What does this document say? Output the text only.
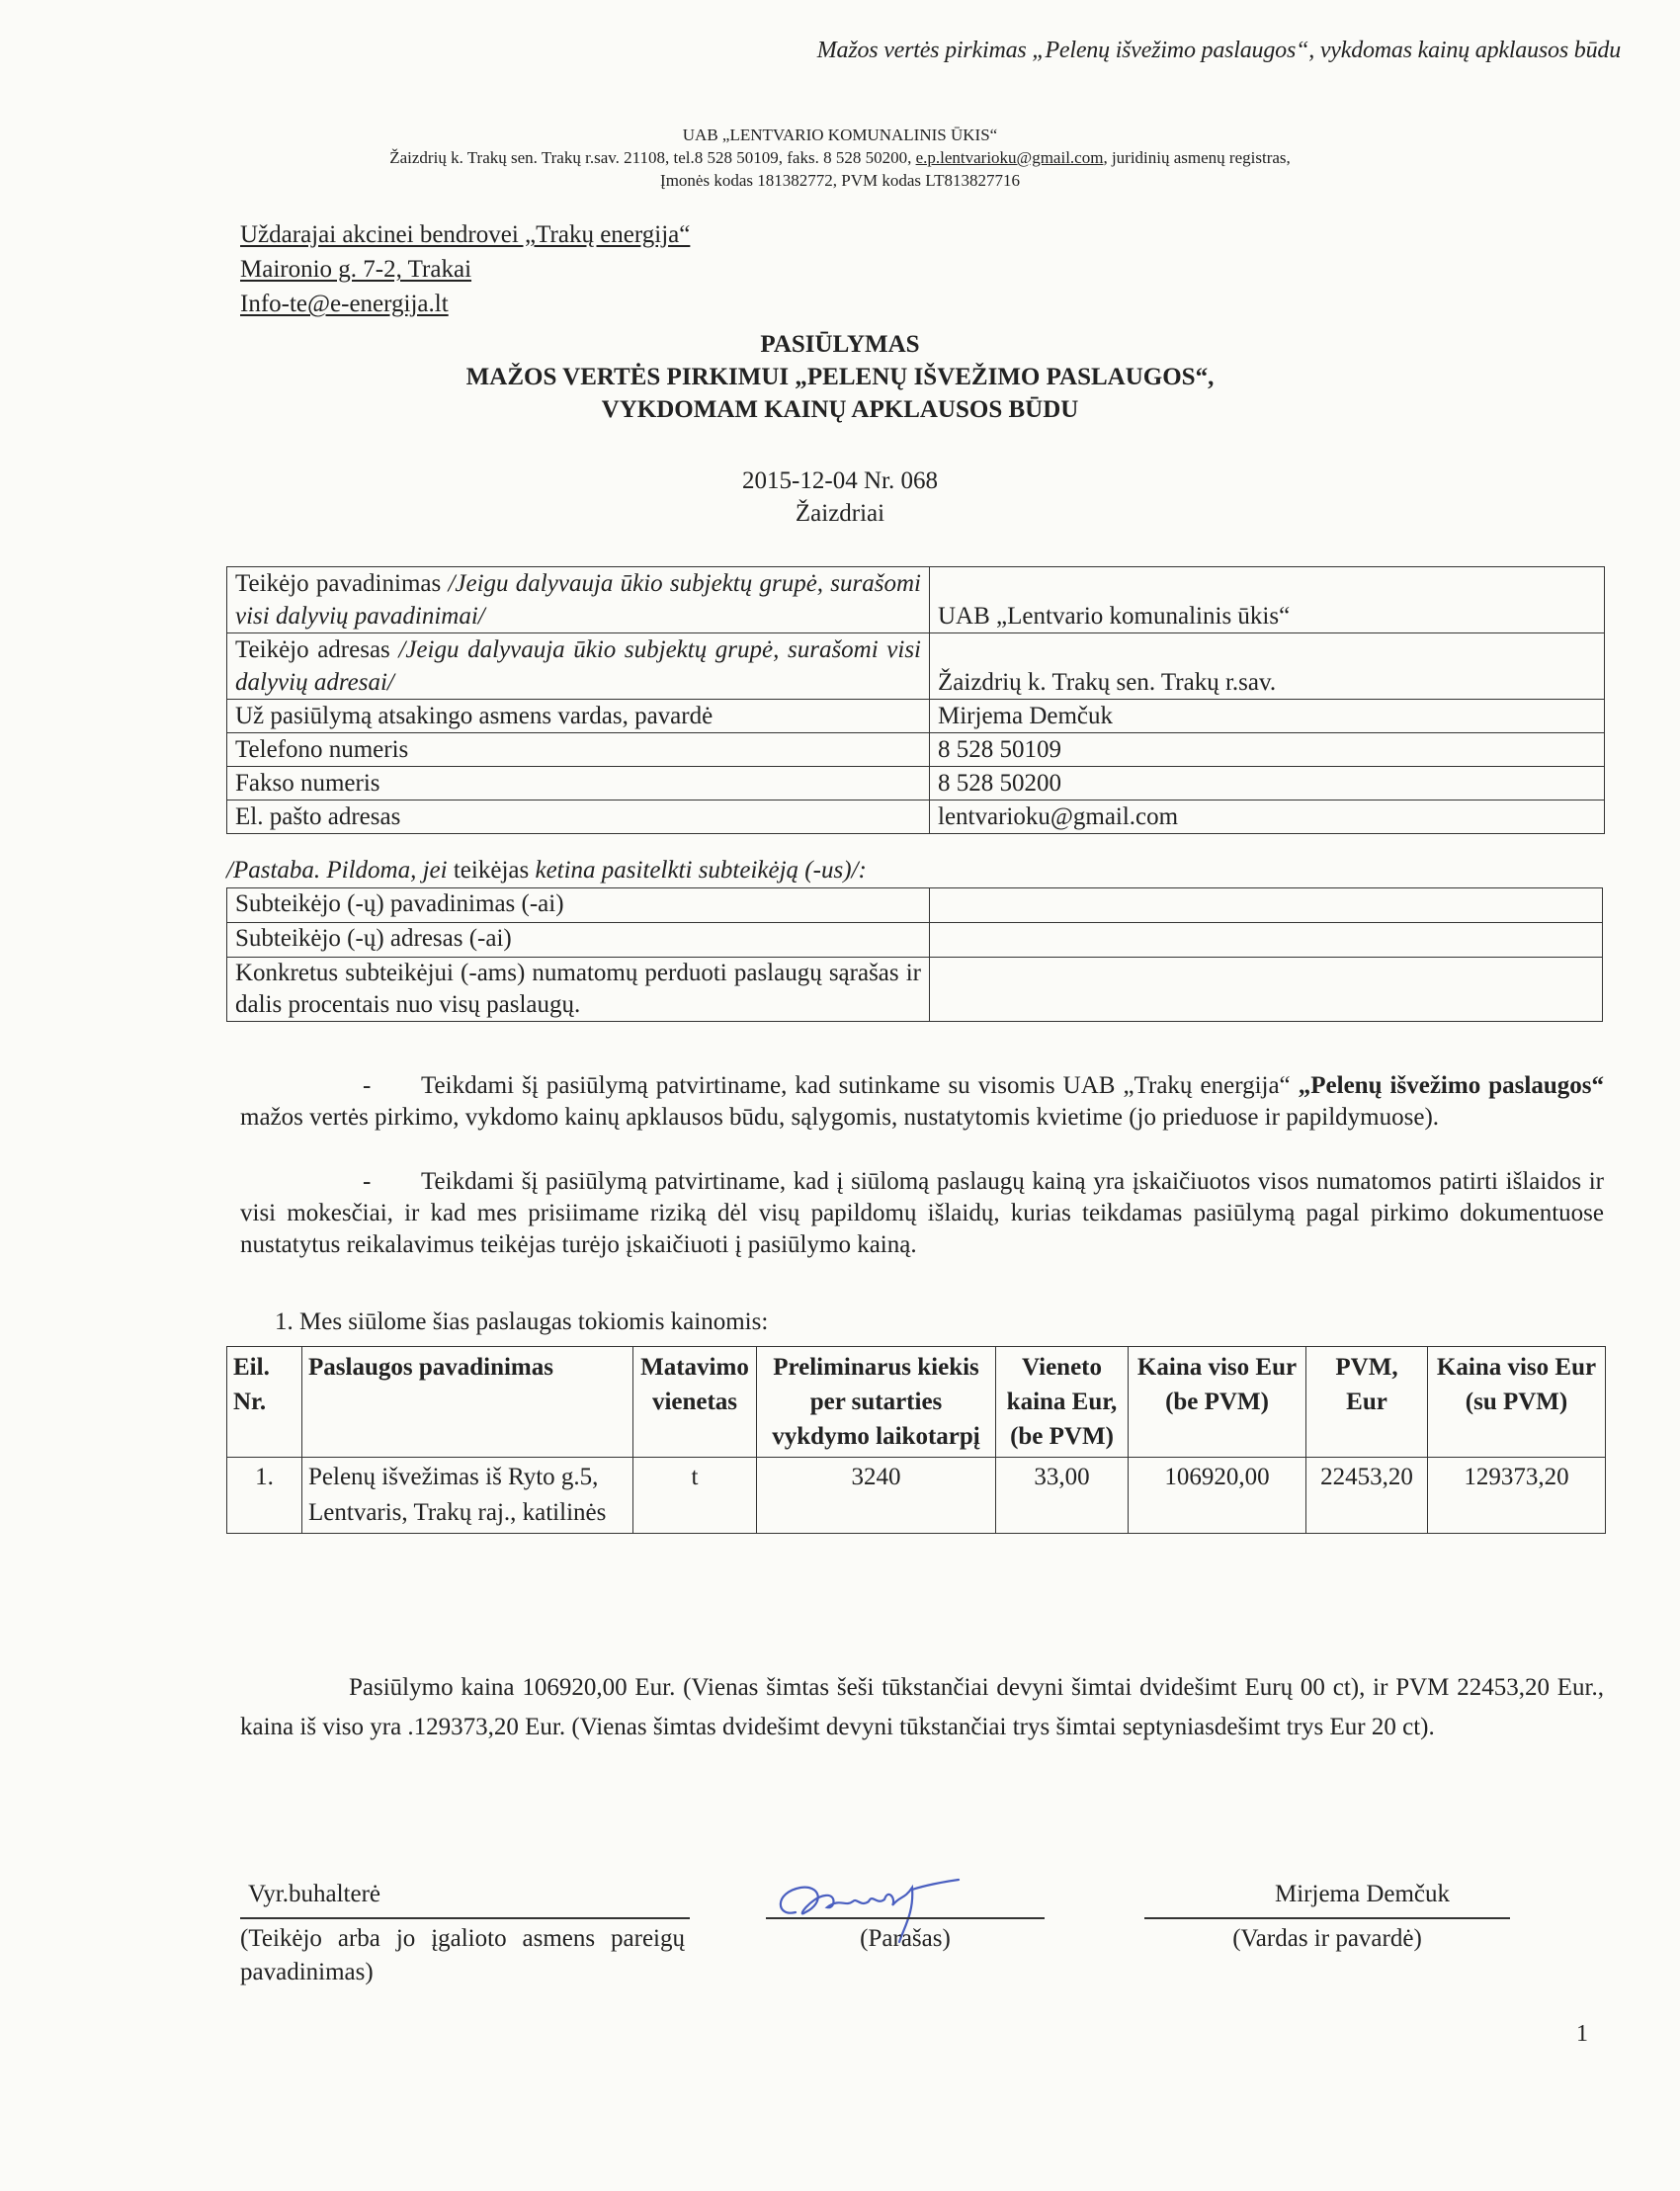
Mažos vertės pirkimas „Pelenų išvežimo paslaugos“, vykdomas kainų apklausos būdu
UAB „LENTVARIO KOMUNALINIS ŪKIS“
Žaizdrių k. Trakų sen. Trakų r.sav. 21108, tel.8 528 50109, faks. 8 528 50200, e.p.lentvarioku@gmail.com, juridinių asmenų registras,
Įmonės kodas 181382772, PVM kodas LT813827716
Uždarajai akcinei bendrovei „Trakų energija“
Maironio g. 7-2, Trakai
Info-te@e-energija.lt
PASIŪLYMAS
MAŽOS VERTĖS PIRKIMUI „PELENŲ IŠVEŽIMO PASLAUGOS“,
VYKDOMAM KAINŲ APKLAUSOS BŪDU
2015-12-04 Nr. 068
Žaizdriai
Teikėjo pavadinimas /Jeigu dalyvauja ūkio subjektų grupė, surašomi visi dalyvių pavadinimai/	UAB „Lentvario komunalinis ūkis“
Teikėjo adresas /Jeigu dalyvauja ūkio subjektų grupė, surašomi visi dalyvių adresai/	Žaizdrių k. Trakų sen. Trakų r.sav.
Už pasiūlymą atsakingo asmens vardas, pavardė	Mirjema Demčuk
Telefono numeris	8 528 50109
Fakso numeris	8 528 50200
El. pašto adresas	lentvarioku@gmail.com
/Pastaba. Pildoma, jei teikėjas ketina pasitelkti subteikėją (-us)/:
Subteikėjo (-ų) pavadinimas (-ai)	
Subteikėjo (-ų) adresas (-ai)	
Konkretus subteikėjui (-ams) numatomų perduoti paslaugų sąrašas ir dalis procentais nuo visų paslaugų.	
- Teikdami šį pasiūlymą patvirtiname, kad sutinkame su visomis UAB „Trakų energija“ „Pelenų išvežimo paslaugos“ mažos vertės pirkimo, vykdomo kainų apklausos būdu, sąlygomis, nustatytomis kvietime (jo prieduose ir papildymuose).
- Teikdami šį pasiūlymą patvirtiname, kad į siūlomą paslaugų kainą yra įskaičiuotos visos numatomos patirti išlaidos ir visi mokesčiai, ir kad mes prisiimame riziką dėl visų papildomų išlaidų, kurias teikdamas pasiūlymą pagal pirkimo dokumentuose nustatytus reikalavimus teikėjas turėjo įskaičiuoti į pasiūlymo kainą.
1. Mes siūlome šias paslaugas tokiomis kainomis:
Eil. Nr.	Paslaugos pavadinimas	Matavimo vienetas	Preliminarus kiekis per sutarties vykdymo laikotarpį	Vieneto kaina Eur, (be PVM)	Kaina viso Eur (be PVM)	PVM, Eur	Kaina viso Eur (su PVM)
1.	Pelenų išvežimas iš Ryto g.5, Lentvaris, Trakų raj., katilinės	t	3240	33,00	106920,00	22453,20	129373,20
Pasiūlymo kaina 106920,00 Eur. (Vienas šimtas šeši tūkstančiai devyni šimtai dvidešimt Eurų 00 ct), ir PVM 22453,20 Eur., kaina iš viso yra .129373,20 Eur. (Vienas šimtas dvidešimt devyni tūkstančiai trys šimtai septyniasdešimt trys Eur 20 ct).
Vyr.buhalterė
(Teikėjo arba jo įgalioto asmens pareigų pavadinimas)
(Parašas)
Mirjema Demčuk
(Vardas ir pavardė)
1
